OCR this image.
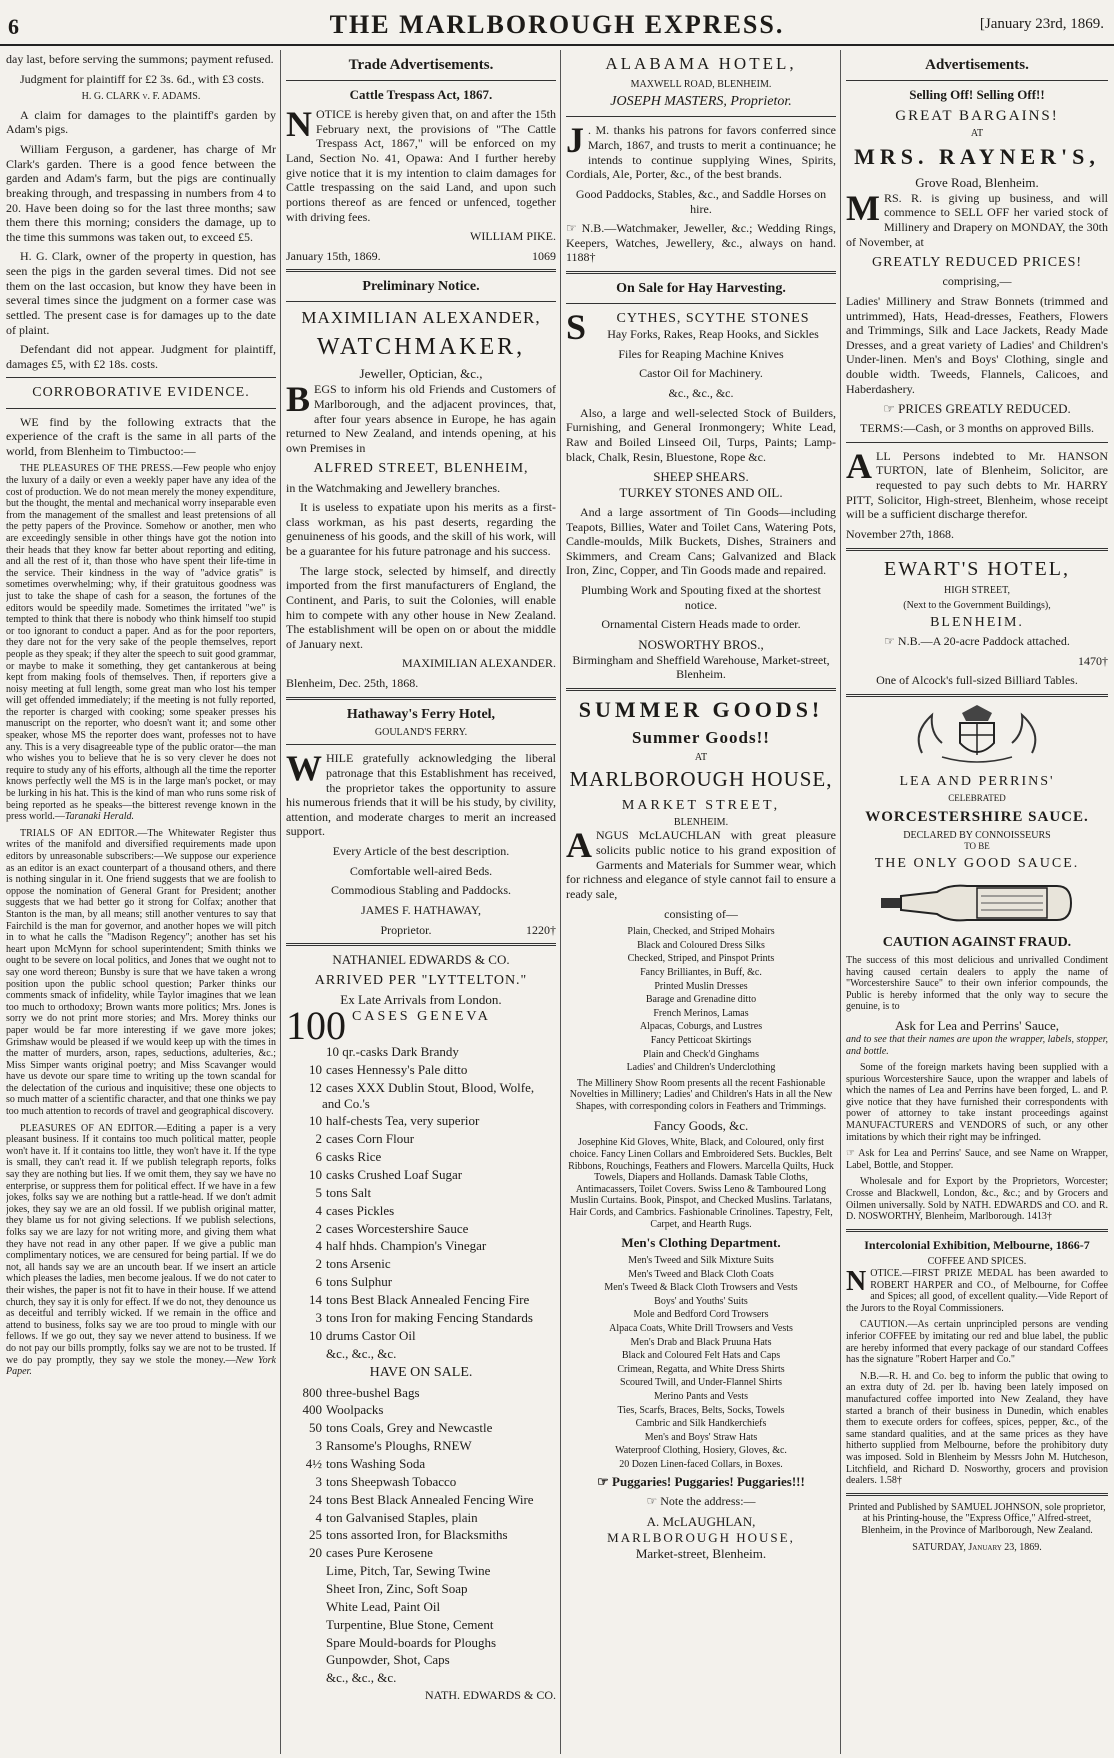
6	THE MARLBOROUGH EXPRESS.	[January 23rd, 1869.

day last, before serving the summons; payment refused.

Judgment for plaintiff for £2 3s. 6d., with £3 costs.

H. G. CLARK v. F. ADAMS.

A claim for damages to the plaintiff's garden by Adam's pigs.

William Ferguson, a gardener, has charge of Mr Clark's garden. There is a good fence between the garden and Adam's farm, but the pigs are continually breaking through, and trespassing in numbers from 4 to 20. Have been doing so for the last three months; saw them there this morning; considers the damage, up to the time this summons was taken out, to exceed £5.

H. G. Clark, owner of the property in question, has seen the pigs in the garden several times. Did not see them on the last occasion, but know they have been in several times since the judgment on a former case was settled. The present case is for damages up to the date of plaint.

Defendant did not appear. Judgment for plaintiff, damages £5, with £2 18s. costs.

CORROBORATIVE EVIDENCE.

WE find by the following extracts that the experience of the craft is the same in all parts of the world, from Blenheim to Timbuctoo:—

THE PLEASURES OF THE PRESS.—Few people who enjoy the luxury of a daily or even a weekly paper have any idea of the cost of production. We do not mean merely the money expenditure, but the thought, the mental and mechanical worry inseparable even from the management of the smallest and least pretensions of all the petty papers of the Province. Somehow or another, men who are exceedingly sensible in other things have got the notion into their heads that they know far better about reporting and editing, and all the rest of it, than those who have spent their life-time in the service. Their kindness in the way of "advice gratis" is sometimes overwhelming; why, if their gratuitous goodness was just to take the shape of cash for a season, the fortunes of the editors would be speedily made. Sometimes the irritated "we" is tempted to think that there is nobody who think himself too stupid or too ignorant to conduct a paper. And as for the poor reporters, they dare not for the very sake of the people themselves, report people as they speak; if they alter the speech to suit good grammar, or maybe to make it something, they get cantankerous at being kept from making fools of themselves. Then, if reporters give a noisy meeting at full length, some great man who lost his temper will get offended immediately; if the meeting is not fully reported, the reporter is charged with cooking; some speaker presses his manuscript on the reporter, who doesn't want it; and some other speaker, whose MS the reporter does want, professes not to have any. This is a very disagreeable type of the public orator—the man who wishes you to believe that he is so very clever he does not require to study any of his efforts, although all the time the reporter knows perfectly well the MS is in the large man's pocket, or may be lurking in his hat. This is the kind of man who runs some risk of being reported as he speaks—the bitterest revenge known in the press world.—Taranaki Herald.

TRIALS OF AN EDITOR.—The Whitewater Register thus writes of the manifold and diversified requirements made upon editors by unreasonable subscribers:—We suppose our experience as an editor is an exact counterpart of a thousand others, and there is nothing singular in it. One friend suggests that we are foolish to oppose the nomination of General Grant for President; another suggests that we had better go it strong for Colfax; another that Stanton is the man, by all means; still another ventures to say that Fairchild is the man for governor, and another hopes we will pitch in to what he calls the "Madison Regency"; another has set his heart upon McMynn for school superintendent; Smith thinks we ought to be severe on local politics, and Jones that we ought not to say one word thereon; Bunsby is sure that we have taken a wrong position upon the public school question; Parker thinks our comments smack of infidelity, while Taylor imagines that we lean too much to orthodoxy; Brown wants more politics; Mrs. Jones is sorry we do not print more stories; and Mrs. Morey thinks our paper would be far more interesting if we gave more jokes; Grimshaw would be pleased if we would keep up with the times in the matter of murders, arson, rapes, seductions, adulteries, &c.; Miss Simper wants original poetry; and Miss Scavanger would have us devote our spare time to writing up the town scandal for the delectation of the curious and inquisitive; these one objects to so much matter of a scientific character, and that one thinks we pay too much attention to records of travel and geographical discovery.

PLEASURES OF AN EDITOR.—Editing a paper is a very pleasant business. If it contains too much political matter, people won't have it. If it contains too little, they won't have it. If the type is small, they can't read it. If we publish telegraph reports, folks say they are nothing but lies. If we omit them, they say we have no enterprise, or suppress them for political effect. If we have in a few jokes, folks say we are nothing but a rattle-head. If we don't admit jokes, they say we are an old fossil. If we publish original matter, they blame us for not giving selections. If we publish selections, folks say we are lazy for not writing more, and giving them what they have not read in any other paper. If we give a public man complimentary notices, we are censured for being partial. If we do not, all hands say we are an uncouth bear. If we insert an article which pleases the ladies, men become jealous. If we do not cater to their wishes, the paper is not fit to have in their house. If we attend church, they say it is only for effect. If we do not, they denounce us as deceitful and terribly wicked. If we remain in the office and attend to business, folks say we are too proud to mingle with our fellows. If we go out, they say we never attend to business. If we do not pay our bills promptly, folks say we are not to be trusted. If we do pay promptly, they say we stole the money.—New York Paper.

Trade Advertisements.
Cattle Trespass Act, 1867.

NOTICE is hereby given that, on and after the 15th February next, the provisions of "The Cattle Trespass Act, 1867," will be enforced on my Land, Section No. 41, Opawa: And I further hereby give notice that it is my intention to claim damages for Cattle trespassing on the said Land, and upon such portions thereof as are fenced or unfenced, together with driving fees.

WILLIAM PIKE.

January 15th, 1869.	1069

Preliminary Notice.
MAXIMILIAN ALEXANDER,
WATCHMAKER,
Jeweller, Optician, &c.,

BEGS to inform his old Friends and Customers of Marlborough, and the adjacent provinces, that, after four years absence in Europe, he has again returned to New Zealand, and intends opening, at his own Premises in

ALFRED STREET, BLENHEIM,

in the Watchmaking and Jewellery branches.

It is useless to expatiate upon his merits as a first-class workman, as his past deserts, regarding the genuineness of his goods, and the skill of his work, will be a guarantee for his future patronage and his success.

The large stock, selected by himself, and directly imported from the first manufacturers of England, the Continent, and Paris, to suit the Colonies, will enable him to compete with any other house in New Zealand. The establishment will be open on or about the middle of January next.

MAXIMILIAN ALEXANDER.

Blenheim, Dec. 25th, 1868.

Hathaway's Ferry Hotel,
GOULAND'S FERRY.

WHILE gratefully acknowledging the liberal patronage that this Establishment has received, the proprietor takes the opportunity to assure his numerous friends that it will be his study, by civility, attention, and moderate charges to merit an increased support.

Every Article of the best description.

Comfortable well-aired Beds.

Commodious Stabling and Paddocks.

JAMES F. HATHAWAY,

Proprietor.	1220†

NATHANIEL EDWARDS & CO.
ARRIVED PER "LYTTELTON."
Ex Late Arrivals from London.
100 CASES GENEVA
10 qr.-casks Dark Brandy
10 cases Hennessy's Pale ditto
12 cases XXX Dublin Stout, Blood, Wolfe, and Co.'s
10 half-chests Tea, very superior
2 cases Corn Flour
6 casks Rice
10 casks Crushed Loaf Sugar
5 tons Salt
4 cases Pickles
2 cases Worcestershire Sauce
4 half hhds. Champion's Vinegar
2 tons Arsenic
6 tons Sulphur
14 tons Best Black Annealed Fencing Fire
3 tons Iron for making Fencing Standards
10 drums Castor Oil
&c., &c., &c.
HAVE ON SALE.
800 three-bushel Bags
400 Woolpacks
50 tons Coals, Grey and Newcastle
3 Ransome's Ploughs, RNEW
4½ tons Washing Soda
3 tons Sheepwash Tobacco
24 tons Best Black Annealed Fencing Wire
4 ton Galvanised Staples, plain
25 tons assorted Iron, for Blacksmiths
20 cases Pure Kerosene
Lime, Pitch, Tar, Sewing Twine
Sheet Iron, Zinc, Soft Soap
White Lead, Paint Oil
Turpentine, Blue Stone, Cement
Spare Mould-boards for Ploughs
Gunpowder, Shot, Caps
&c., &c., &c.

NATH. EDWARDS & CO.

ALABAMA HOTEL,
MAXWELL ROAD, BLENHEIM.
JOSEPH MASTERS, Proprietor.

J . M. thanks his patrons for favors conferred since March, 1867, and trusts to merit a continuance; he intends to continue supplying Wines, Spirits, Cordials, Ale, Porter, &c., of the best brands.

Good Paddocks, Stables, &c., and Saddle Horses on hire.

☞ N.B.—Watchmaker, Jeweller, &c.; Wedding Rings, Keepers, Watches, Jewellery, &c., always on hand. 1188†

On Sale for Hay Harvesting.

S CYTHES, SCYTHE STONES
Hay Forks, Rakes, Reap Hooks, and Sickles

Files for Reaping Machine Knives

Castor Oil for Machinery.

&c., &c., &c.

Also, a large and well-selected Stock of Builders, Furnishing, and General Ironmongery; White Lead, Raw and Boiled Linseed Oil, Turps, Paints; Lamp-black, Chalk, Resin, Bluestone, Rope &c.

SHEEP SHEARS.
TURKEY STONES AND OIL.

And a large assortment of Tin Goods—including Teapots, Billies, Water and Toilet Cans, Watering Pots, Candle-moulds, Milk Buckets, Dishes, Strainers and Skimmers, and Cream Cans; Galvanized and Black Iron, Zinc, Copper, and Tin Goods made and repaired.

Plumbing Work and Spouting fixed at the shortest notice.

Ornamental Cistern Heads made to order.

NOSWORTHY BROS.,

Birmingham and Sheffield Warehouse, Market-street, Blenheim.

SUMMER GOODS!
Summer Goods!!
AT
MARLBOROUGH HOUSE,
MARKET STREET,
BLENHEIM.

ANGUS McLAUCHLAN with great pleasure solicits public notice to his grand exposition of Garments and Materials for Summer wear, which for richness and elegance of style cannot fail to ensure a ready sale,

consisting of—

Plain, Checked, and Striped Mohairs
Black and Coloured Dress Silks
Checked, Striped, and Pinspot Prints
Fancy Brilliantes, in Buff, &c.
Printed Muslin Dresses
Barage and Grenadine ditto
French Merinos, Lamas
Alpacas, Coburgs, and Lustres
Fancy Petticoat Skirtings
Plain and Check'd Ginghams
Ladies' and Children's Underclothing

The Millinery Show Room presents all the recent Fashionable Novelties in Millinery; Ladies' and Children's Hats in all the New Shapes, with corresponding colors in Feathers and Trimmings.

Fancy Goods, &c.

Josephine Kid Gloves, White, Black, and Coloured, only first choice. Fancy Linen Collars and Embroidered Sets. Buckles, Belt Ribbons, Rouchings, Feathers and Flowers. Marcella Quilts, Huck Towels, Diapers and Hollands. Damask Table Cloths, Antimacassers, Toilet Covers. Swiss Leno & Tamboured Long Muslin Curtains. Book, Pinspot, and Checked Muslins. Tarlatans, Hair Cords, and Cambrics. Fashionable Crinolines. Tapestry, Felt, Carpet, and Hearth Rugs.

Men's Clothing Department.
Men's Tweed and Silk Mixture Suits
Men's Tweed and Black Cloth Coats
Men's Tweed & Black Cloth Trowsers and Vests
Boys' and Youths' Suits
Mole and Bedford Cord Trowsers
Alpaca Coats, White Drill Trowsers and Vests
Men's Drab and Black Pruuna Hats
Black and Coloured Felt Hats and Caps
Crimean, Regatta, and White Dress Shirts
Scoured Twill, and Under-Flannel Shirts
Merino Pants and Vests
Ties, Scarfs, Braces, Belts, Socks, Towels
Cambric and Silk Handkerchiefs
Men's and Boys' Straw Hats
Waterproof Clothing, Hosiery, Gloves, &c.
20 Dozen Linen-faced Collars, in Boxes.
☞ Puggaries! Puggaries! Puggaries!!!

☞ Note the address:—

A. McLAUGHLAN,
MARLBOROUGH HOUSE,
Market-street, Blenheim.
Advertisements.
Selling Off! Selling Off!!
GREAT BARGAINS!
AT
MRS. RAYNER'S,
Grove Road, Blenheim.

MRS. R. is giving up business, and will commence to SELL OFF her varied stock of Millinery and Drapery on MONDAY, the 30th of November, at

GREATLY REDUCED PRICES!

comprising,—

Ladies' Millinery and Straw Bonnets (trimmed and untrimmed), Hats, Head-dresses, Feathers, Flowers and Trimmings, Silk and Lace Jackets, Ready Made Dresses, and a great variety of Ladies' and Children's Under-linen. Men's and Boys' Clothing, single and double width. Tweeds, Flannels, Calicoes, and Haberdashery.

☞ PRICES GREATLY REDUCED.

TERMS:—Cash, or 3 months on approved Bills.

ALL Persons indebted to Mr. HANSON TURTON, late of Blenheim, Solicitor, are requested to pay such debts to Mr. HARRY PITT, Solicitor, High-street, Blenheim, whose receipt will be a sufficient discharge therefor.

November 27th, 1868.

EWART'S HOTEL,
HIGH STREET,
(Next to the Government Buildings),
BLENHEIM.

☞ N.B.—A 20-acre Paddock attached.

1470†

One of Alcock's full-sized Billiard Tables.

LEA AND PERRINS'
CELEBRATED
WORCESTERSHIRE SAUCE.
DECLARED BY CONNOISSEURS
TO BE
THE ONLY GOOD SAUCE.
CAUTION AGAINST FRAUD.

The success of this most delicious and unrivalled Condiment having caused certain dealers to apply the name of "Worcestershire Sauce" to their own inferior compounds, the Public is hereby informed that the only way to secure the genuine, is to

Ask for Lea and Perrins' Sauce,

and to see that their names are upon the wrapper, labels, stopper, and bottle.

Some of the foreign markets having been supplied with a spurious Worcestershire Sauce, upon the wrapper and labels of which the names of Lea and Perrins have been forged, L. and P. give notice that they have furnished their correspondents with power of attorney to take instant proceedings against MANUFACTURERS and VENDORS of such, or any other imitations by which their right may be infringed.

☞ Ask for Lea and Perrins' Sauce, and see Name on Wrapper, Label, Bottle, and Stopper.

Wholesale and for Export by the Proprietors, Worcester; Crosse and Blackwell, London, &c., &c.; and by Grocers and Oilmen universally. Sold by NATH. EDWARDS and CO. and R. D. NOSWORTHY, Blenheim, Marlborough. 1413†

Intercolonial Exhibition, Melbourne, 1866-7
COFFEE AND SPICES.

NOTICE.—FIRST PRIZE MEDAL has been awarded to ROBERT HARPER and CO., of Melbourne, for Coffee and Spices; all good, of excellent quality.—Vide Report of the Jurors to the Royal Commissioners.

CAUTION.—As certain unprincipled persons are vending inferior COFFEE by imitating our red and blue label, the public are hereby informed that every package of our standard Coffees has the signature "Robert Harper and Co."

N.B.—R. H. and Co. beg to inform the public that owing to an extra duty of 2d. per lb. having been lately imposed on manufactured coffee imported into New Zealand, they have started a branch of their business in Dunedin, which enables them to execute orders for coffees, spices, pepper, &c., of the same standard qualities, and at the same prices as they have hitherto supplied from Melbourne, before the prohibitory duty was imposed. Sold in Blenheim by Messrs John M. Hutcheson, Litchfield, and Richard D. Nosworthy, grocers and provision dealers. 1.58†

Printed and Published by SAMUEL JOHNSON, sole proprietor, at his Printing-house, the "Express Office," Alfred-street, Blenheim, in the Province of Marlborough, New Zealand.

SATURDAY, January 23, 1869.
